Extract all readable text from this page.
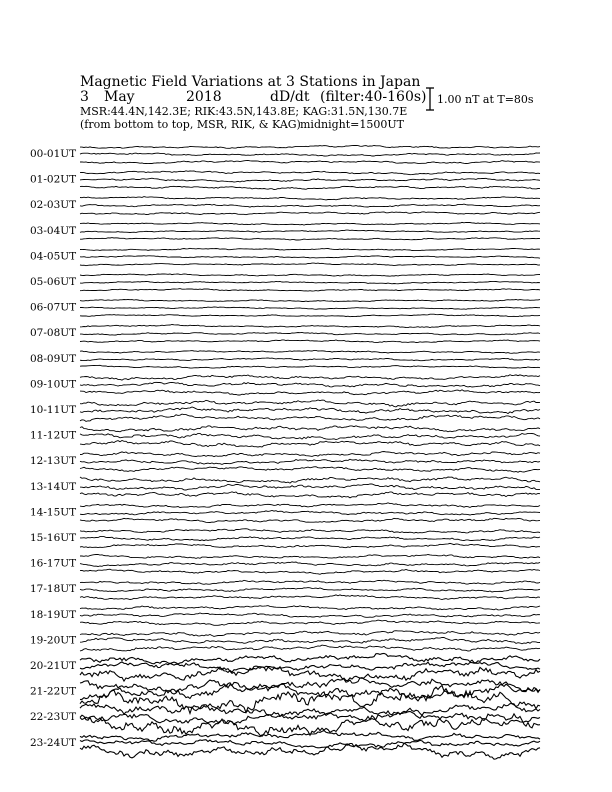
Magnetic Field Variations at 3 Stations in Japan
3 May	2018	dD/dt (filter:40-160s)
MSR:44.4N,142.3E; RIK:43.5N,143.8E; KAG:31.5N,130.7E
(from bottom to top, MSR, RIK, & KAG) midnight=1500UT
1.00 nT at T=80s
00-01UT
01-02UT
02-03UT
03-04UT
04-05UT
05-06UT
06-07UT
07-08UT
08-09UT
09-10UT
10-11UT
11-12UT
12-13UT
13-14UT
14-15UT
15-16UT
16-17UT
17-18UT
18-19UT
19-20UT
20-21UT
21-22UT
22-23UT
23-24UT
